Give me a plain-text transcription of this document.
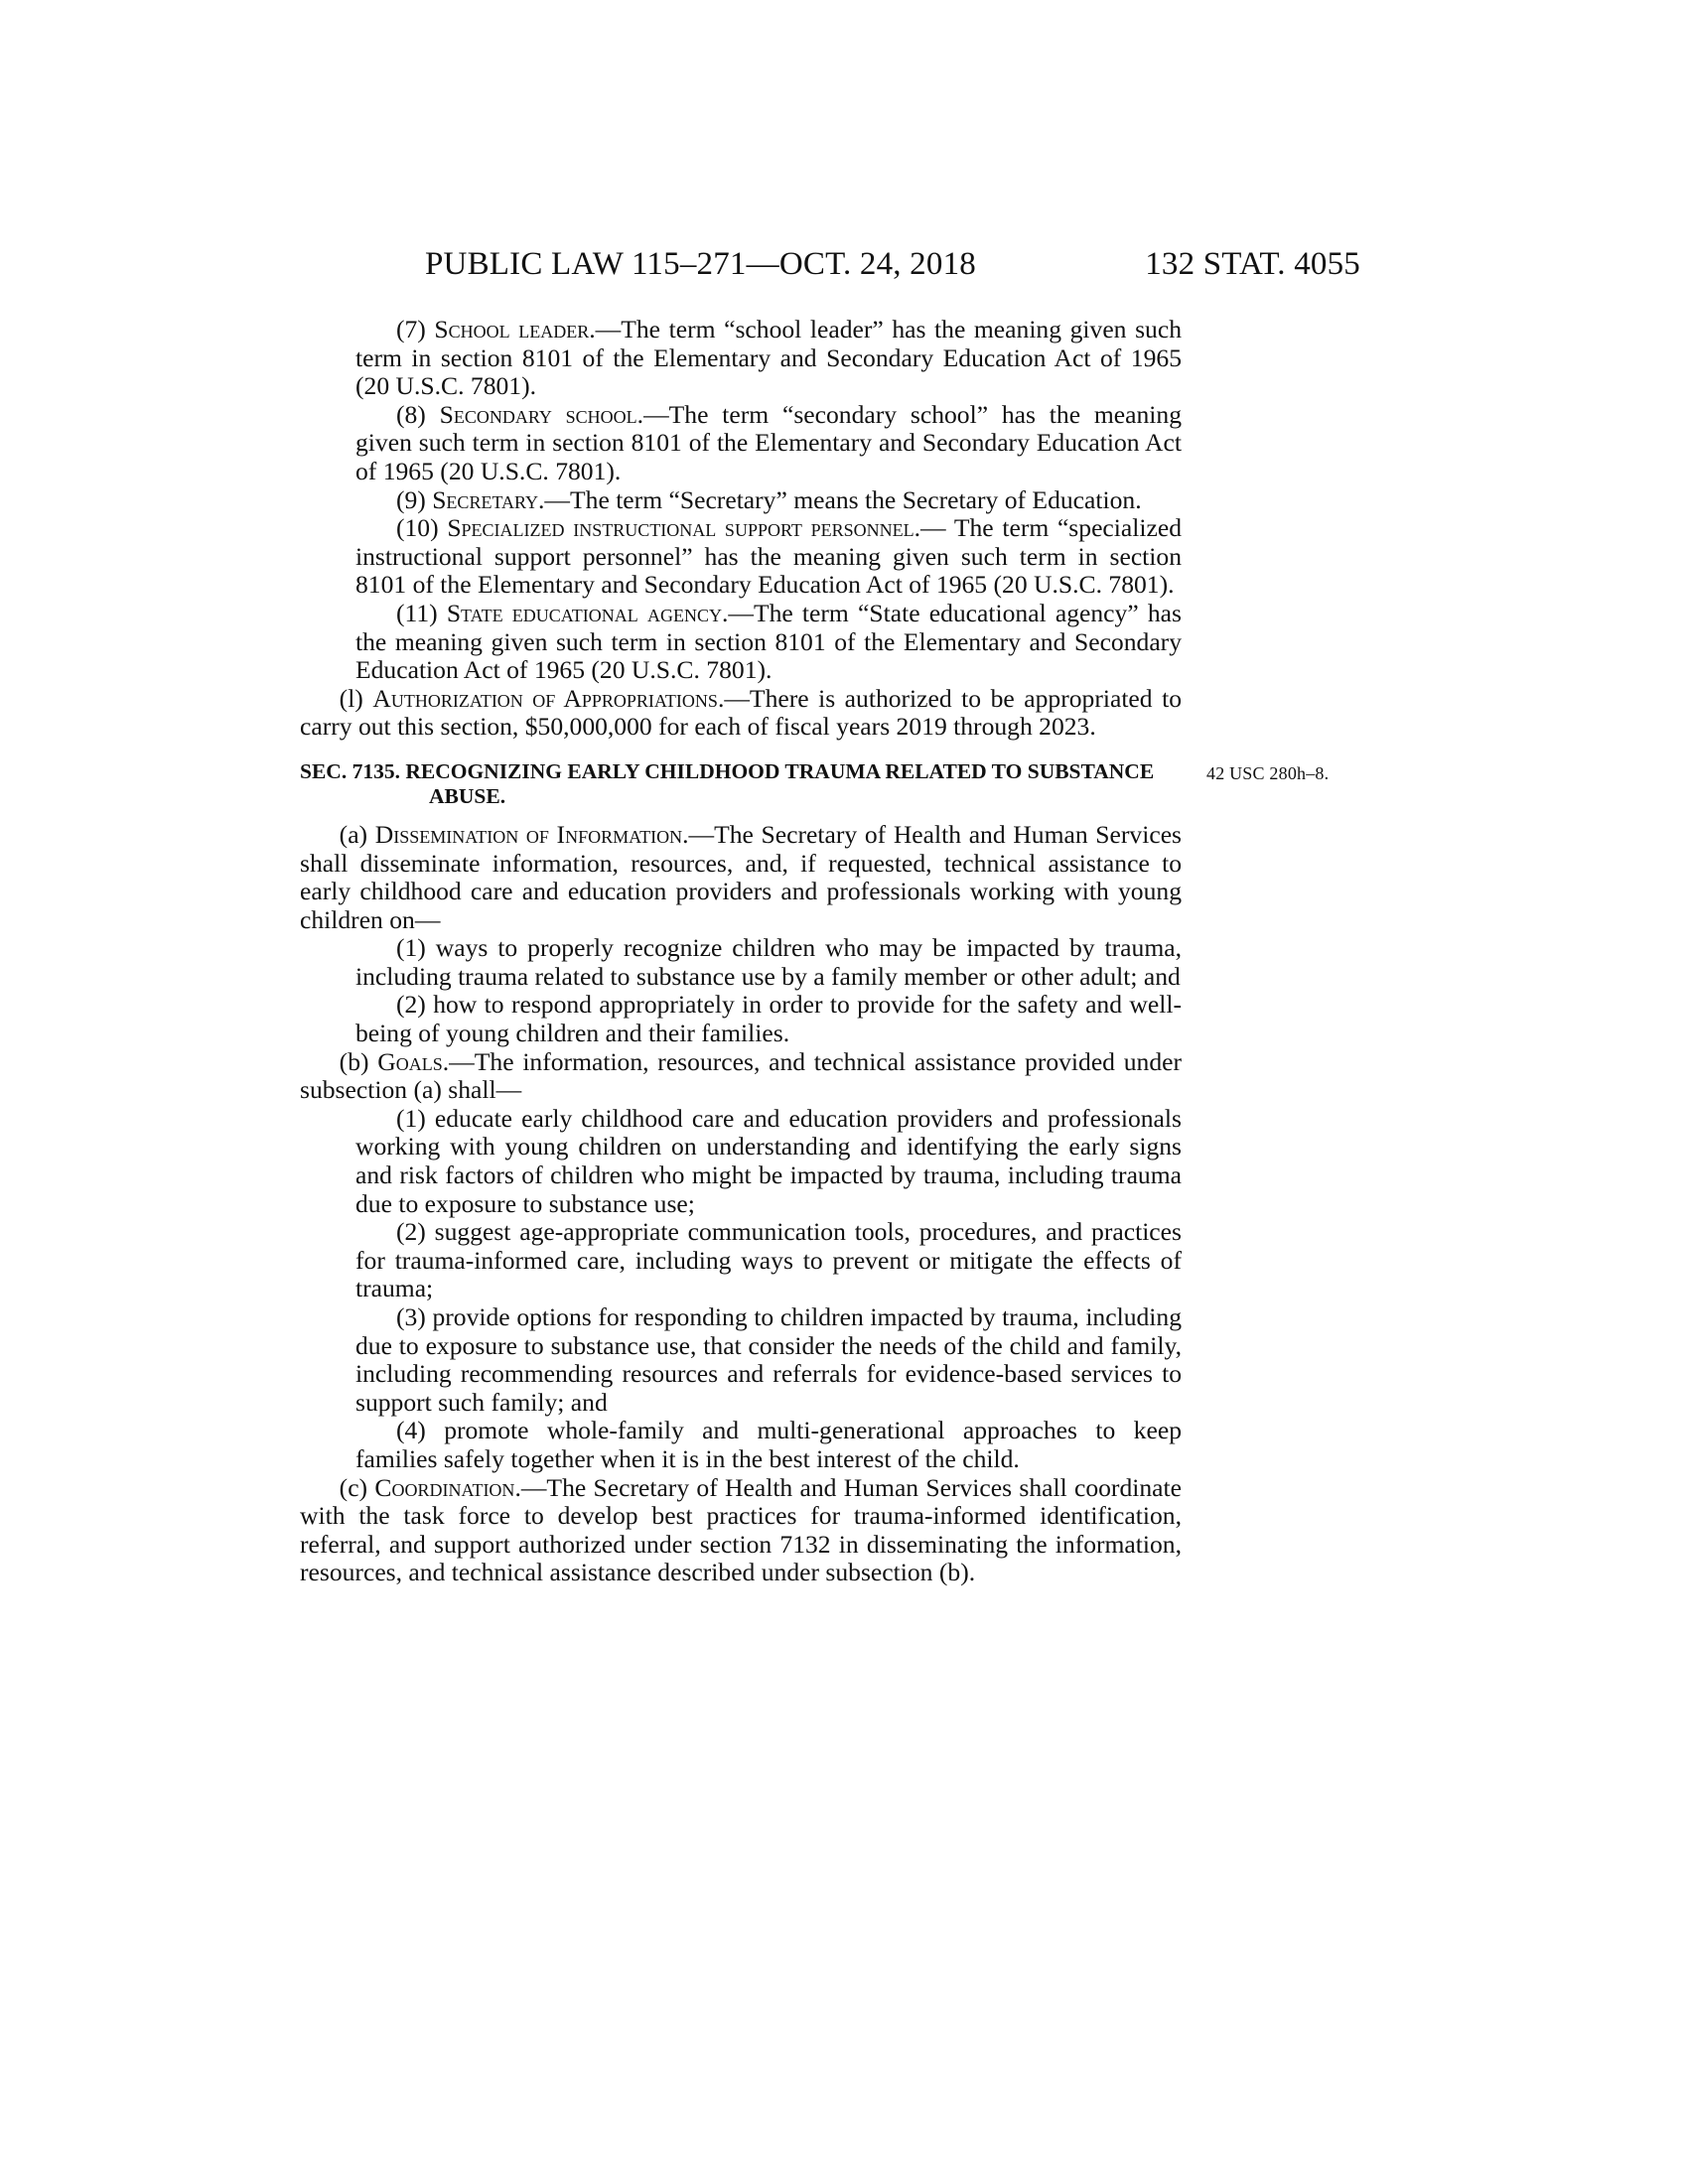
PUBLIC LAW 115–271—OCT. 24, 2018	132 STAT. 4055

(7) School leader.—The term “school leader” has the meaning given such term in section 8101 of the Elementary and Secondary Education Act of 1965 (20 U.S.C. 7801).

(8) Secondary school.—The term “secondary school” has the meaning given such term in section 8101 of the Elementary and Secondary Education Act of 1965 (20 U.S.C. 7801).

(9) Secretary.—The term “Secretary” means the Secretary of Education.

(10) Specialized instructional support personnel.— The term “specialized instructional support personnel” has the meaning given such term in section 8101 of the Elementary and Secondary Education Act of 1965 (20 U.S.C. 7801).

(11) State educational agency.—The term “State educational agency” has the meaning given such term in section 8101 of the Elementary and Secondary Education Act of 1965 (20 U.S.C. 7801).

(l) Authorization of Appropriations.—There is authorized to be appropriated to carry out this section, $50,000,000 for each of fiscal years 2019 through 2023.

SEC. 7135. RECOGNIZING EARLY CHILDHOOD TRAUMA RELATED TO SUBSTANCE ABUSE.
42 USC 280h–8.

(a) Dissemination of Information.—The Secretary of Health and Human Services shall disseminate information, resources, and, if requested, technical assistance to early childhood care and education providers and professionals working with young children on—

(1) ways to properly recognize children who may be impacted by trauma, including trauma related to substance use by a family member or other adult; and

(2) how to respond appropriately in order to provide for the safety and well-being of young children and their families.

(b) Goals.—The information, resources, and technical assistance provided under subsection (a) shall—

(1) educate early childhood care and education providers and professionals working with young children on understanding and identifying the early signs and risk factors of children who might be impacted by trauma, including trauma due to exposure to substance use;

(2) suggest age-appropriate communication tools, procedures, and practices for trauma-informed care, including ways to prevent or mitigate the effects of trauma;

(3) provide options for responding to children impacted by trauma, including due to exposure to substance use, that consider the needs of the child and family, including recommending resources and referrals for evidence-based services to support such family; and

(4) promote whole-family and multi-generational approaches to keep families safely together when it is in the best interest of the child.

(c) Coordination.—The Secretary of Health and Human Services shall coordinate with the task force to develop best practices for trauma-informed identification, referral, and support authorized under section 7132 in disseminating the information, resources, and technical assistance described under subsection (b).
